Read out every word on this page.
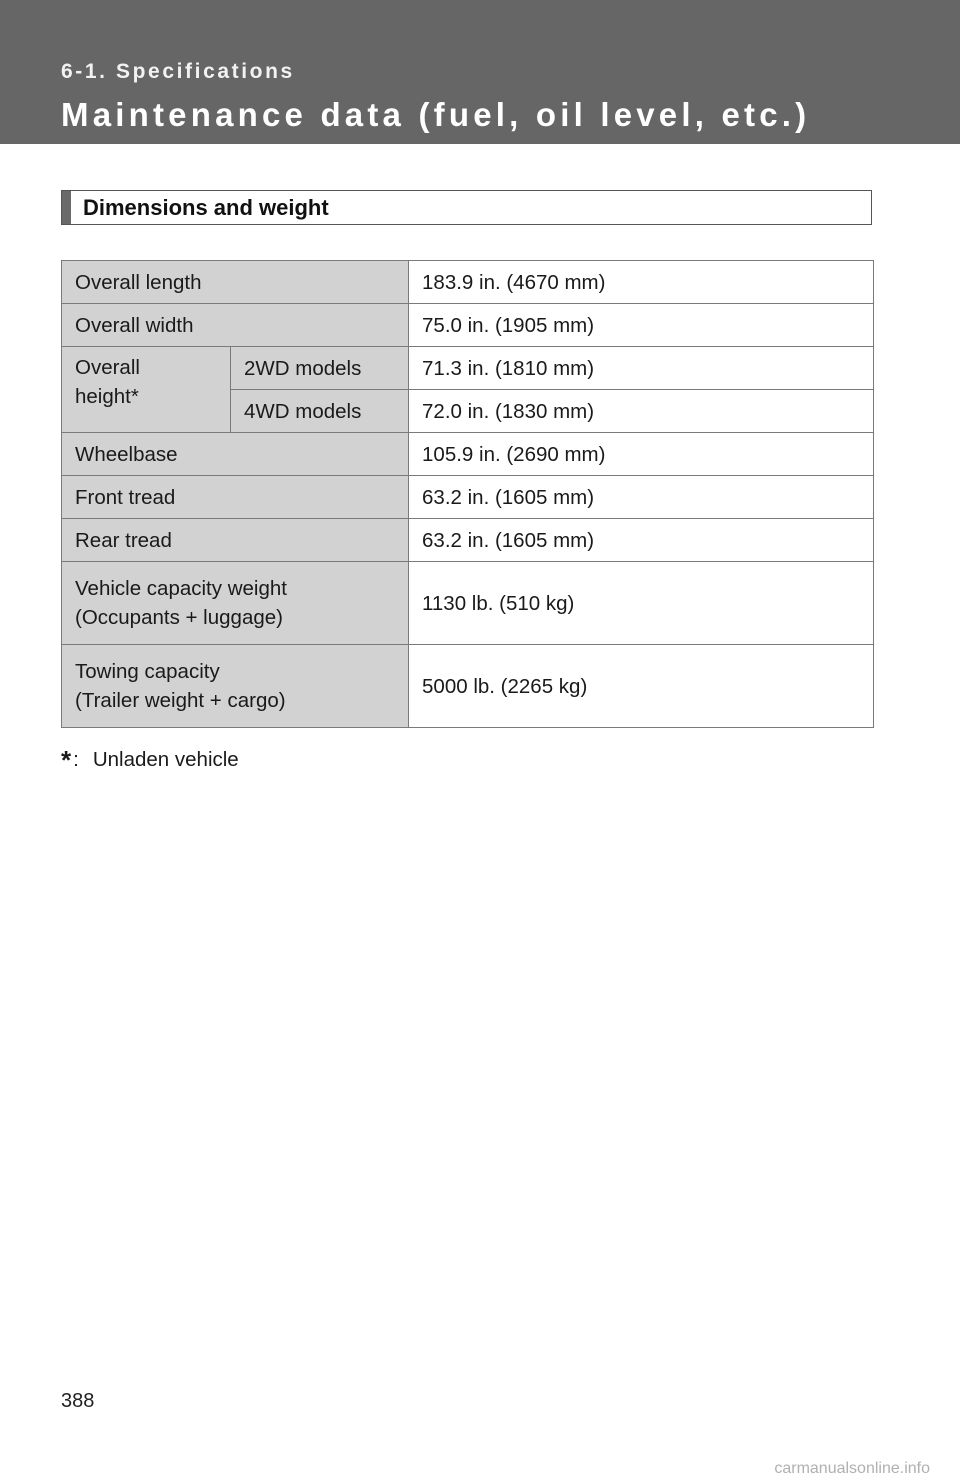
6-1. Specifications
Maintenance data (fuel, oil level, etc.)
Dimensions and weight
Overall length		183.9 in. (4670 mm)
Overall width		75.0 in. (1905 mm)

Overall
height*	2WD models	71.3 in. (1810 mm)
	4WD models	72.0 in. (1830 mm)
Wheelbase		105.9 in. (2690 mm)
Front tread		63.2 in. (1605 mm)
Rear tread		63.2 in. (1605 mm)

Vehicle capacity weight
(Occupants + luggage)		1130 lb. (510 kg)

Towing capacity
(Trailer weight + cargo)		5000 lb. (2265 kg)
*: Unladen vehicle
388
carmanualsonline.info
